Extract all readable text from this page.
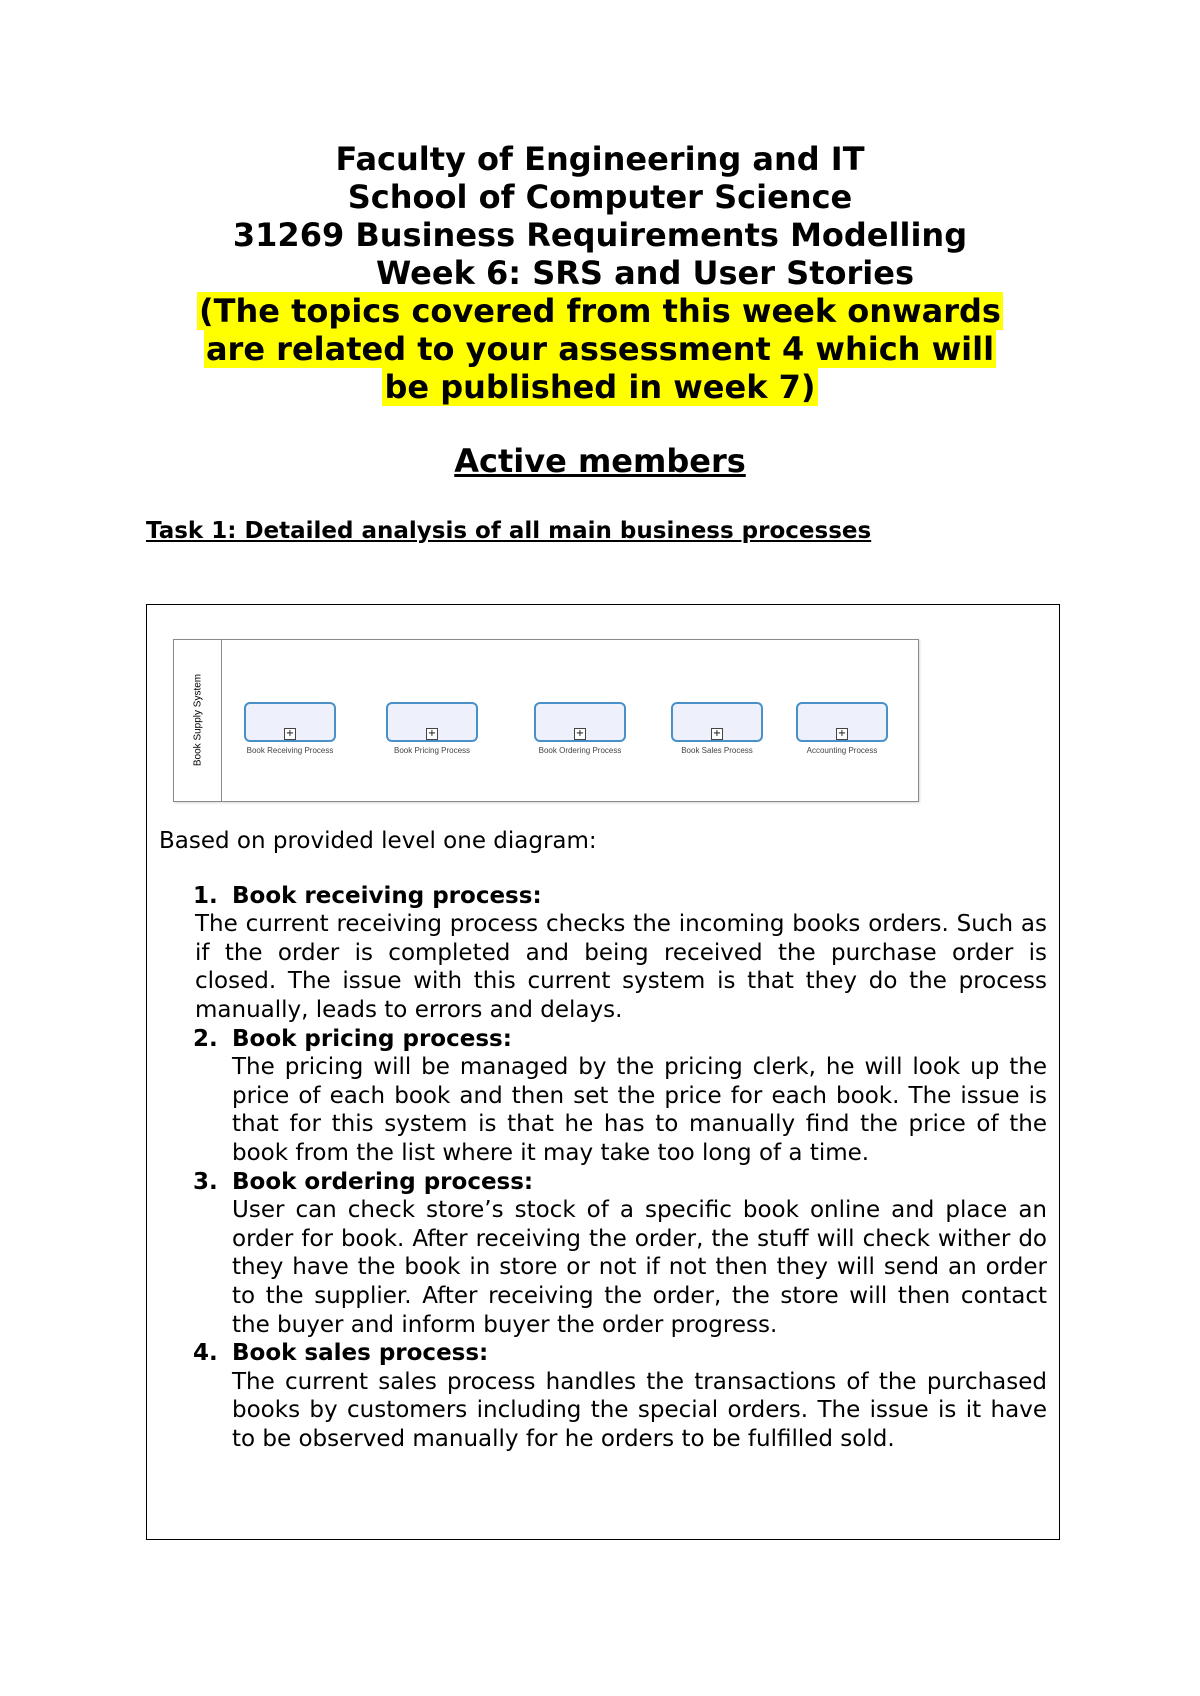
Faculty of Engineering and IT
School of Computer Science
31269 Business Requirements Modelling
Week 6: SRS and User Stories
(The topics covered from this week onwards
are related to your assessment 4 which will
be published in week 7)
Active members
Task 1: Detailed analysis of all main business processes
Book Supply System	+
Book Receiving Process
+
Book Pricing Process
+
Book Ordering Process
+
Book Sales Process
+
Accounting Process

Based on provided level one diagram:

1. Book receiving process:
The current receiving process checks the incoming books orders. Such as if the order is completed and being received the purchase order is closed. The issue with this current system is that they do the process manually, leads to errors and delays.
2. Book pricing process:
The pricing will be managed by the pricing clerk, he will look up the price of each book and then set the price for each book. The issue is that for this system is that he has to manually find the price of the book from the list where it may take too long of a time.
3. Book ordering process:
User can check store’s stock of a specific book online and place an order for book. After receiving the order, the stuff will check wither do they have the book in store or not if not then they will send an order to the supplier. After receiving the order, the store will then contact the buyer and inform buyer the order progress.
4. Book sales process:
The current sales process handles the transactions of the purchased books by customers including the special orders. The issue is it have to be observed manually for he orders to be fulfilled sold.
